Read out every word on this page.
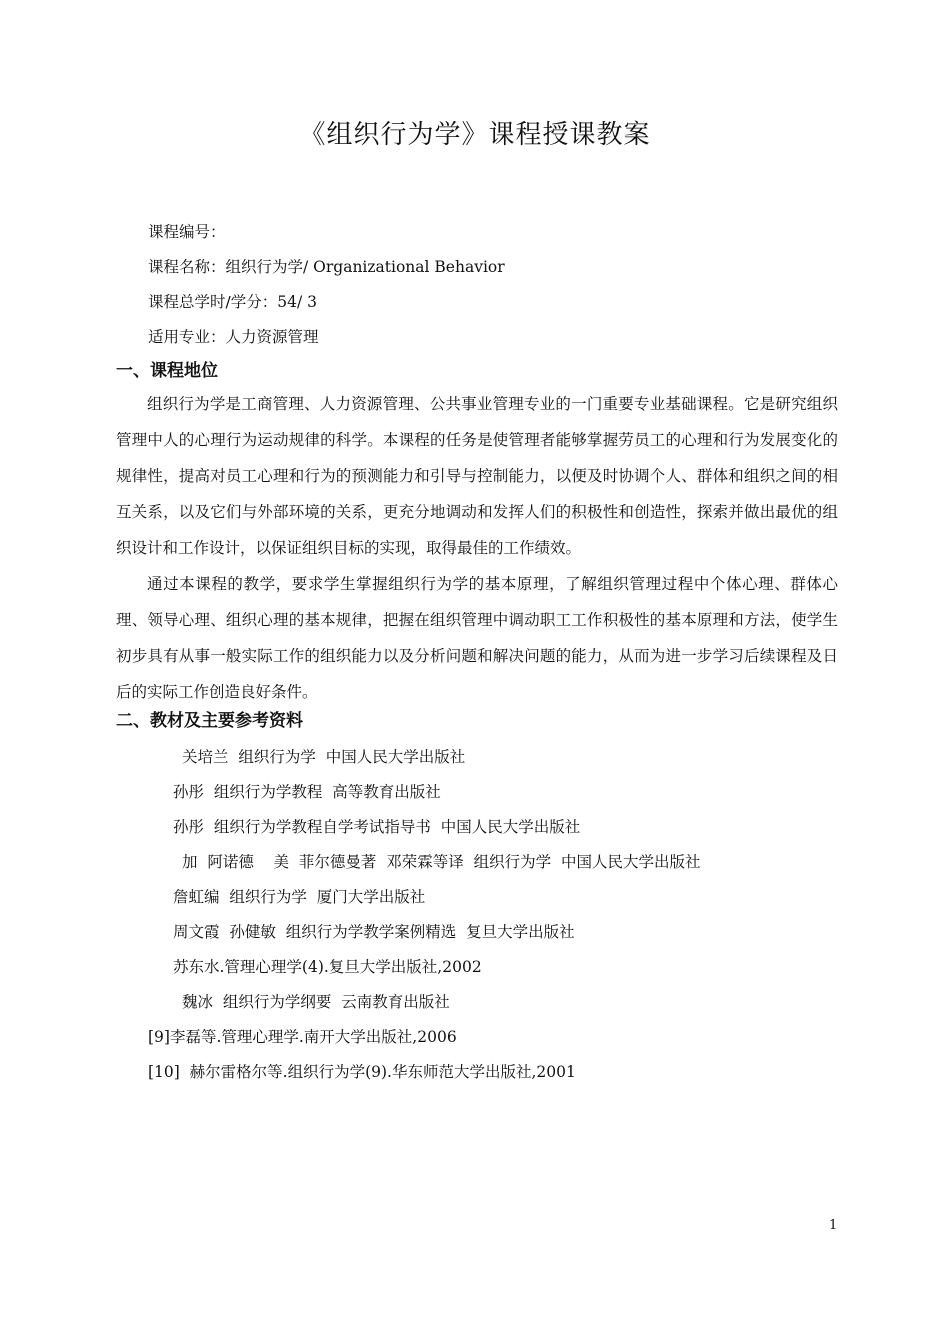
《组织行为学》课程授课教案
课程编号：
课程名称：组织行为学/ Organizational Behavior
课程总学时/学分：54/ 3
适用专业：人力资源管理
一、课程地位
组织行为学是工商管理、人力资源管理、公共事业管理专业的一门重要专业基础课程。它是研究组织管理中人的心理行为运动规律的科学。本课程的任务是使管理者能够掌握劳员工的心理和行为发展变化的规律性，提高对员工心理和行为的预测能力和引导与控制能力，以便及时协调个人、群体和组织之间的相互关系，以及它们与外部环境的关系，更充分地调动和发挥人们的积极性和创造性，探索并做出最优的组织设计和工作设计，以保证组织目标的实现，取得最佳的工作绩效。
通过本课程的教学，要求学生掌握组织行为学的基本原理，了解组织管理过程中个体心理、群体心理、领导心理、组织心理的基本规律，把握在组织管理中调动职工工作积极性的基本原理和方法，使学生初步具有从事一般实际工作的组织能力以及分析问题和解决问题的能力，从而为进一步学习后续课程及日后的实际工作创造良好条件。
二、教材及主要参考资料
关培兰  组织行为学  中国人民大学出版社
孙彤  组织行为学教程  高等教育出版社
孙彤  组织行为学教程自学考试指导书  中国人民大学出版社
加  阿诺德    美  菲尔德曼著  邓荣霖等译  组织行为学  中国人民大学出版社
詹虹编  组织行为学  厦门大学出版社
周文霞  孙健敏  组织行为学教学案例精选  复旦大学出版社
苏东水.管理心理学(4).复旦大学出版社,2002
魏冰  组织行为学纲要  云南教育出版社
[9]李磊等.管理心理学.南开大学出版社,2006
[10]  赫尔雷格尔等.组织行为学(9).华东师范大学出版社,2001
1
